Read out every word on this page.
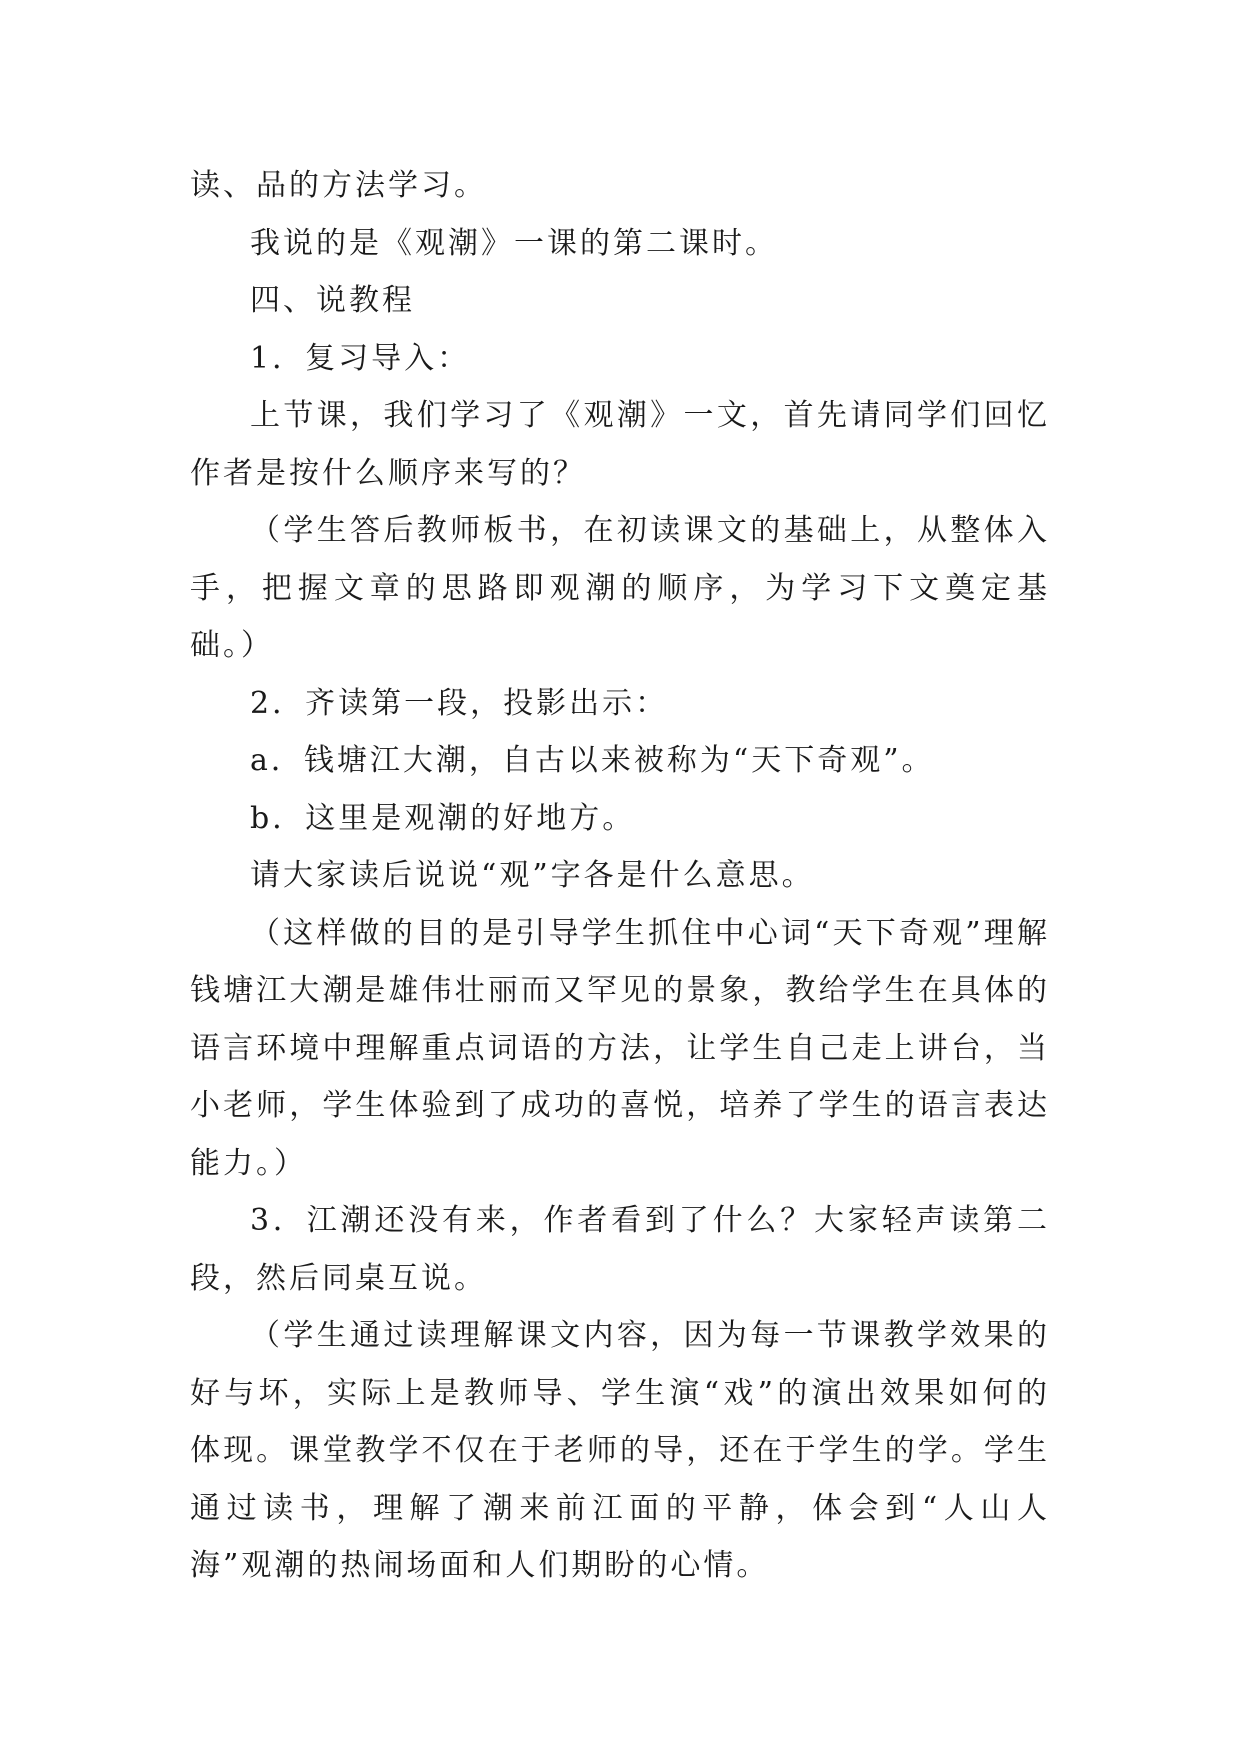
读、品的方法学习。

我说的是《观潮》一课的第二课时。

四、说教程

1．复习导入：

上节课，我们学习了《观潮》一文，首先请同学们回忆作者是按什么顺序来写的？

（学生答后教师板书，在初读课文的基础上，从整体入手，把握文章的思路即观潮的顺序，为学习下文奠定基础。）

2．齐读第一段，投影出示：

a．钱塘江大潮，自古以来被称为“天下奇观”。

b．这里是观潮的好地方。

请大家读后说说“观”字各是什么意思。

（这样做的目的是引导学生抓住中心词“天下奇观”理解钱塘江大潮是雄伟壮丽而又罕见的景象，教给学生在具体的语言环境中理解重点词语的方法，让学生自己走上讲台，当小老师，学生体验到了成功的喜悦，培养了学生的语言表达能力。）

3．江潮还没有来，作者看到了什么？大家轻声读第二段，然后同桌互说。

（学生通过读理解课文内容，因为每一节课教学效果的好与坏，实际上是教师导、学生演“戏”的演出效果如何的体现。课堂教学不仅在于老师的导，还在于学生的学。学生通过读书，理解了潮来前江面的平静，体会到“人山人海”观潮的热闹场面和人们期盼的心情。
